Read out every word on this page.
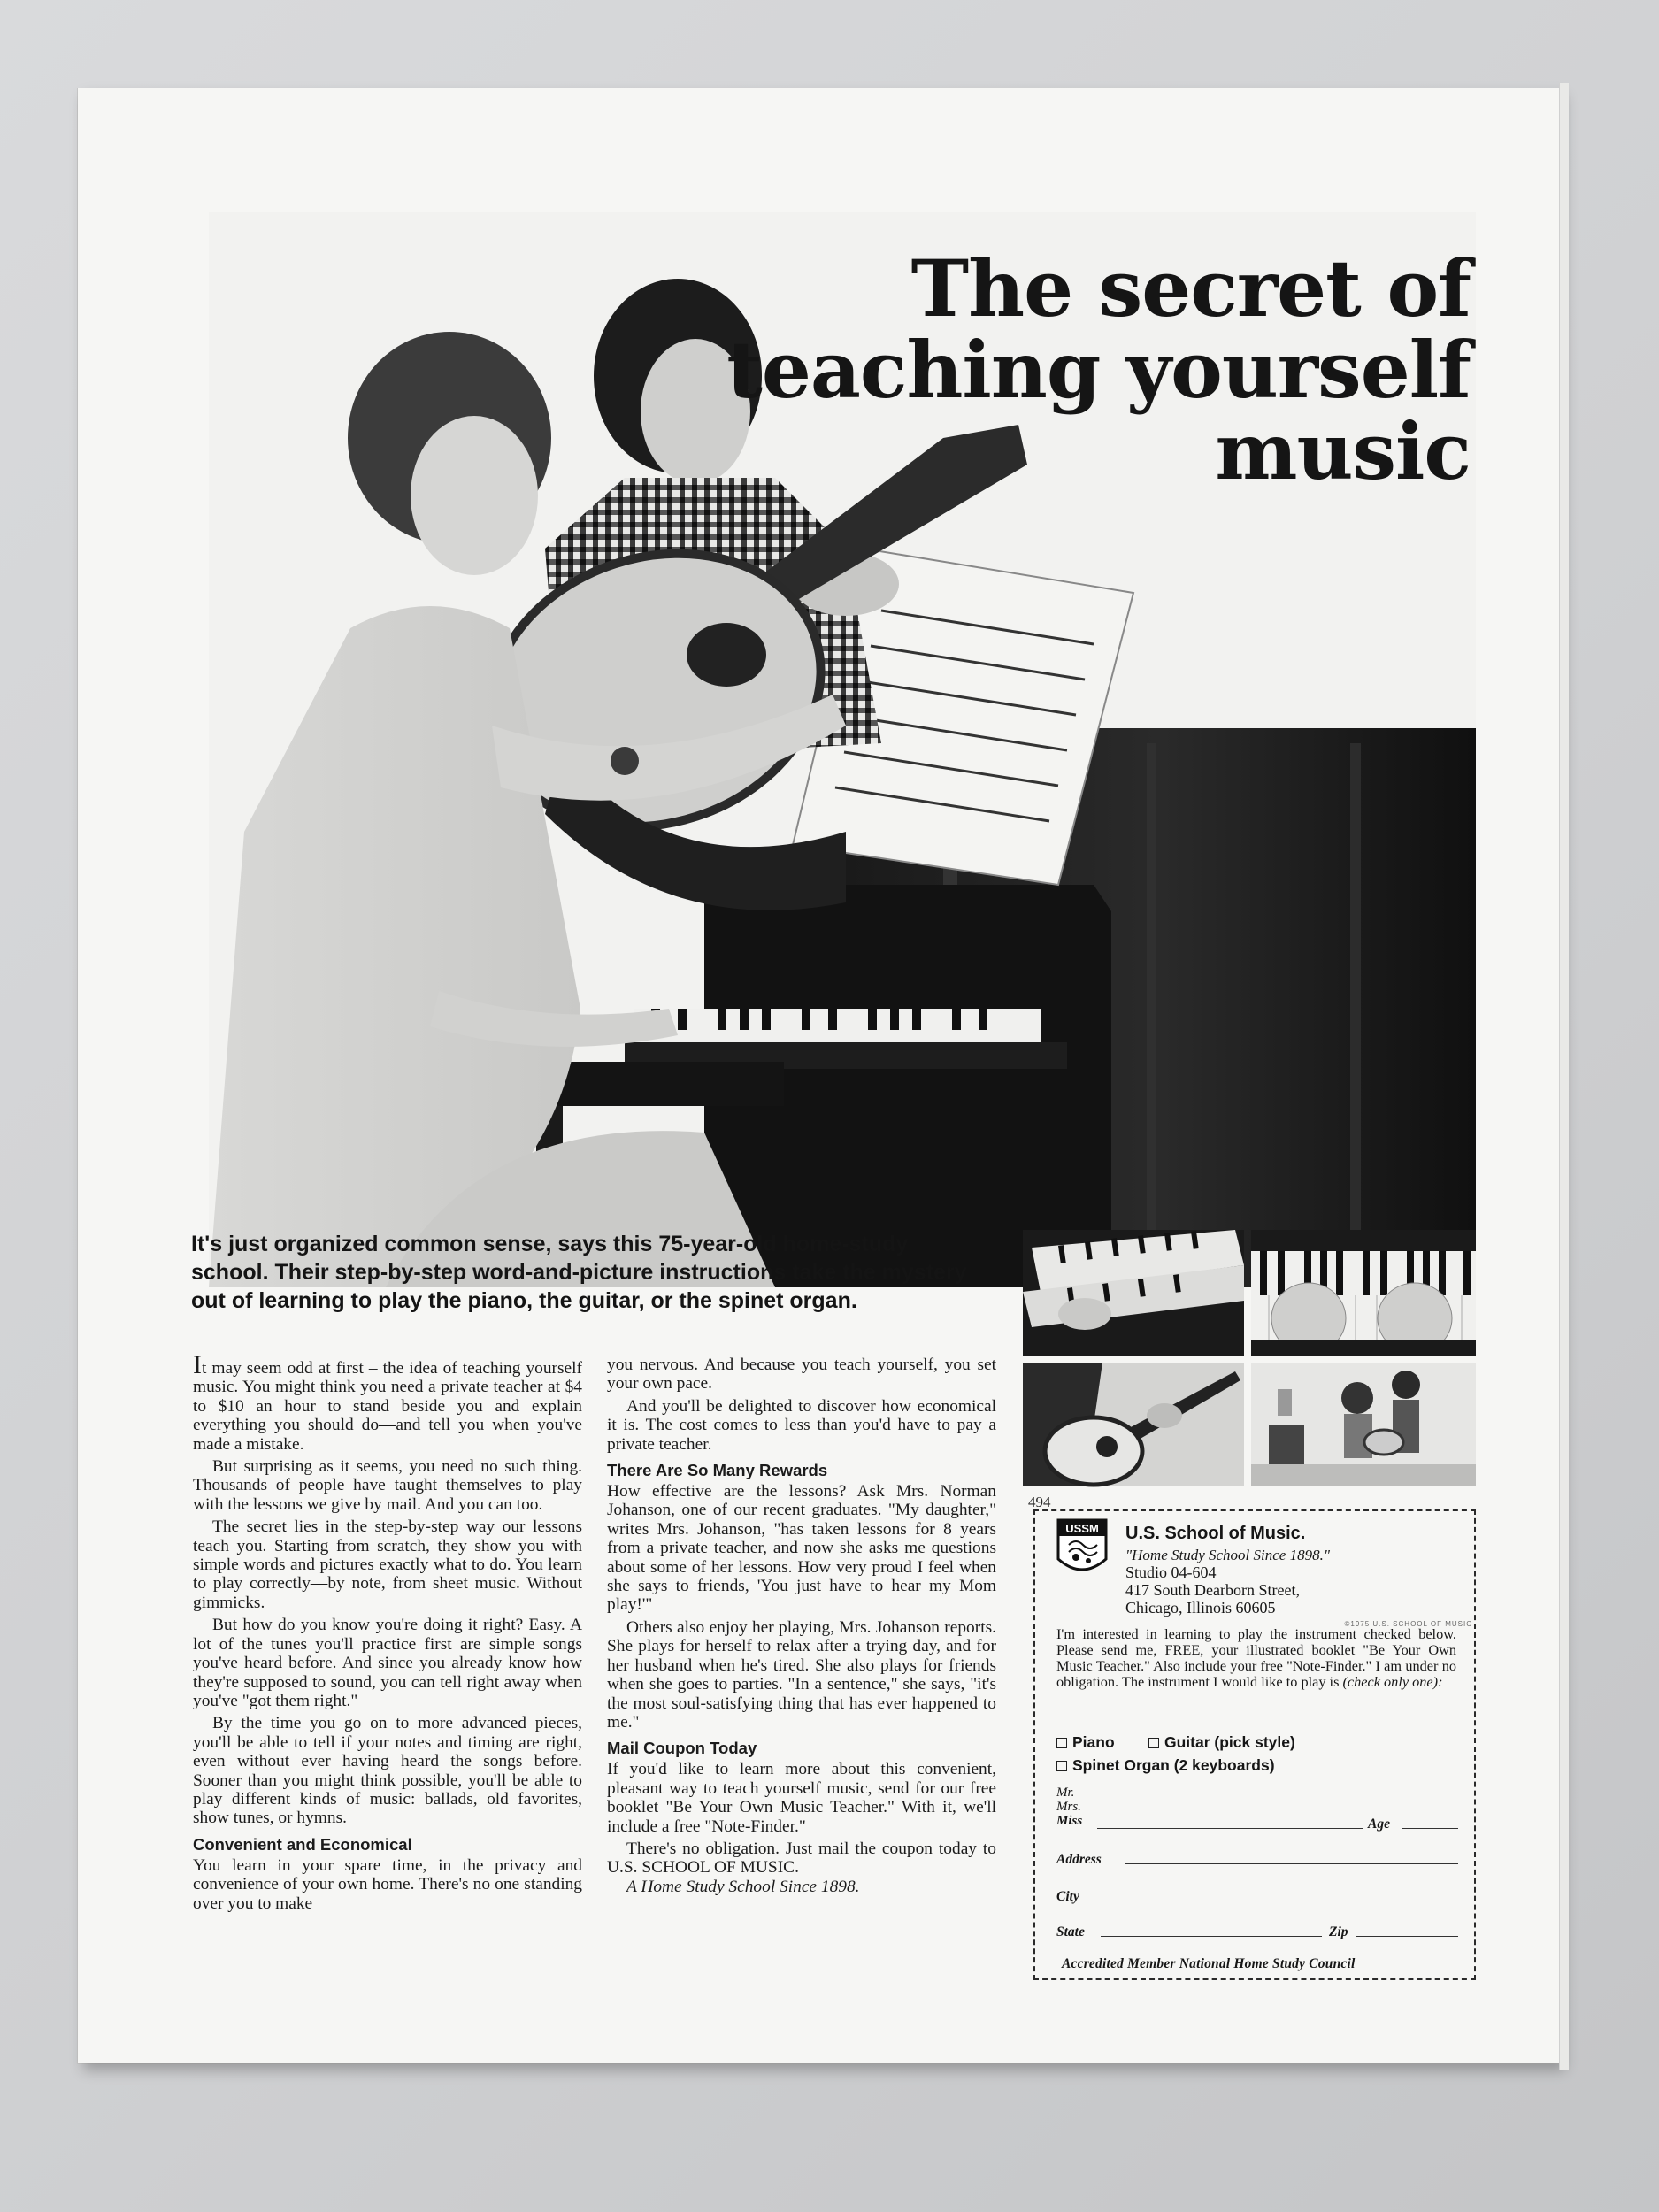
The secret of
teaching yourself
music

It's just organized common sense, says this 75-year-old home-study school. Their step-by-step word-and-picture instructions take the mystery out of learning to play the piano, the guitar, or the spinet organ.

It may seem odd at first – the idea of teaching yourself music. You might think you need a private teacher at $4 to $10 an hour to stand beside you and explain everything you should do—and tell you when you've made a mistake.

But surprising as it seems, you need no such thing. Thousands of people have taught themselves to play with the lessons we give by mail. And you can too.

The secret lies in the step-by-step way our lessons teach you. Starting from scratch, they show you with simple words and pictures exactly what to do. You learn to play correctly—by note, from sheet music. Without gimmicks.

But how do you know you're doing it right? Easy. A lot of the tunes you'll practice first are simple songs you've heard before. And since you already know how they're supposed to sound, you can tell right away when you've "got them right."

By the time you go on to more advanced pieces, you'll be able to tell if your notes and timing are right, even without ever having heard the songs before. Sooner than you might think possible, you'll be able to play different kinds of music: ballads, old favorites, show tunes, or hymns.

Convenient and Economical

You learn in your spare time, in the privacy and convenience of your own home. There's no one standing over you to make

you nervous. And because you teach yourself, you set your own pace.

And you'll be delighted to discover how economical it is. The cost comes to less than you'd have to pay a private teacher.

There Are So Many Rewards

How effective are the lessons? Ask Mrs. Norman Johanson, one of our recent graduates. "My daughter," writes Mrs. Johanson, "has taken lessons for 8 years from a private teacher, and now she asks me questions about some of her lessons. How very proud I feel when she says to friends, 'You just have to hear my Mom play!'"

Others also enjoy her playing, Mrs. Johanson reports. She plays for herself to relax after a trying day, and for her husband when he's tired. She also plays for friends when she goes to parties. "In a sentence," she says, "it's the most soul-satisfying thing that has ever happened to me."

Mail Coupon Today

If you'd like to learn more about this convenient, pleasant way to teach yourself music, send for our free booklet "Be Your Own Music Teacher." With it, we'll include a free "Note-Finder."

There's no obligation. Just mail the coupon today to U.S. SCHOOL OF MUSIC.
A Home Study School Since 1898.

©1975 U.S. SCHOOL OF MUSIC
494
USSM U.S. School of Music.
"Home Study School Since 1898."
Studio 04-604
417 South Dearborn Street,
Chicago, Illinois 60605

I'm interested in learning to play the instrument checked below. Please send me, FREE, your illustrated booklet "Be Your Own Music Teacher." Also include your free "Note-Finder." I am under no obligation. The instrument I would like to play is (check only one):

Piano	Guitar (pick style)
Spinet Organ (2 keyboards)
Mr.
Mrs.
Miss	Age
Address
City
State	Zip
Accredited Member National Home Study Council
